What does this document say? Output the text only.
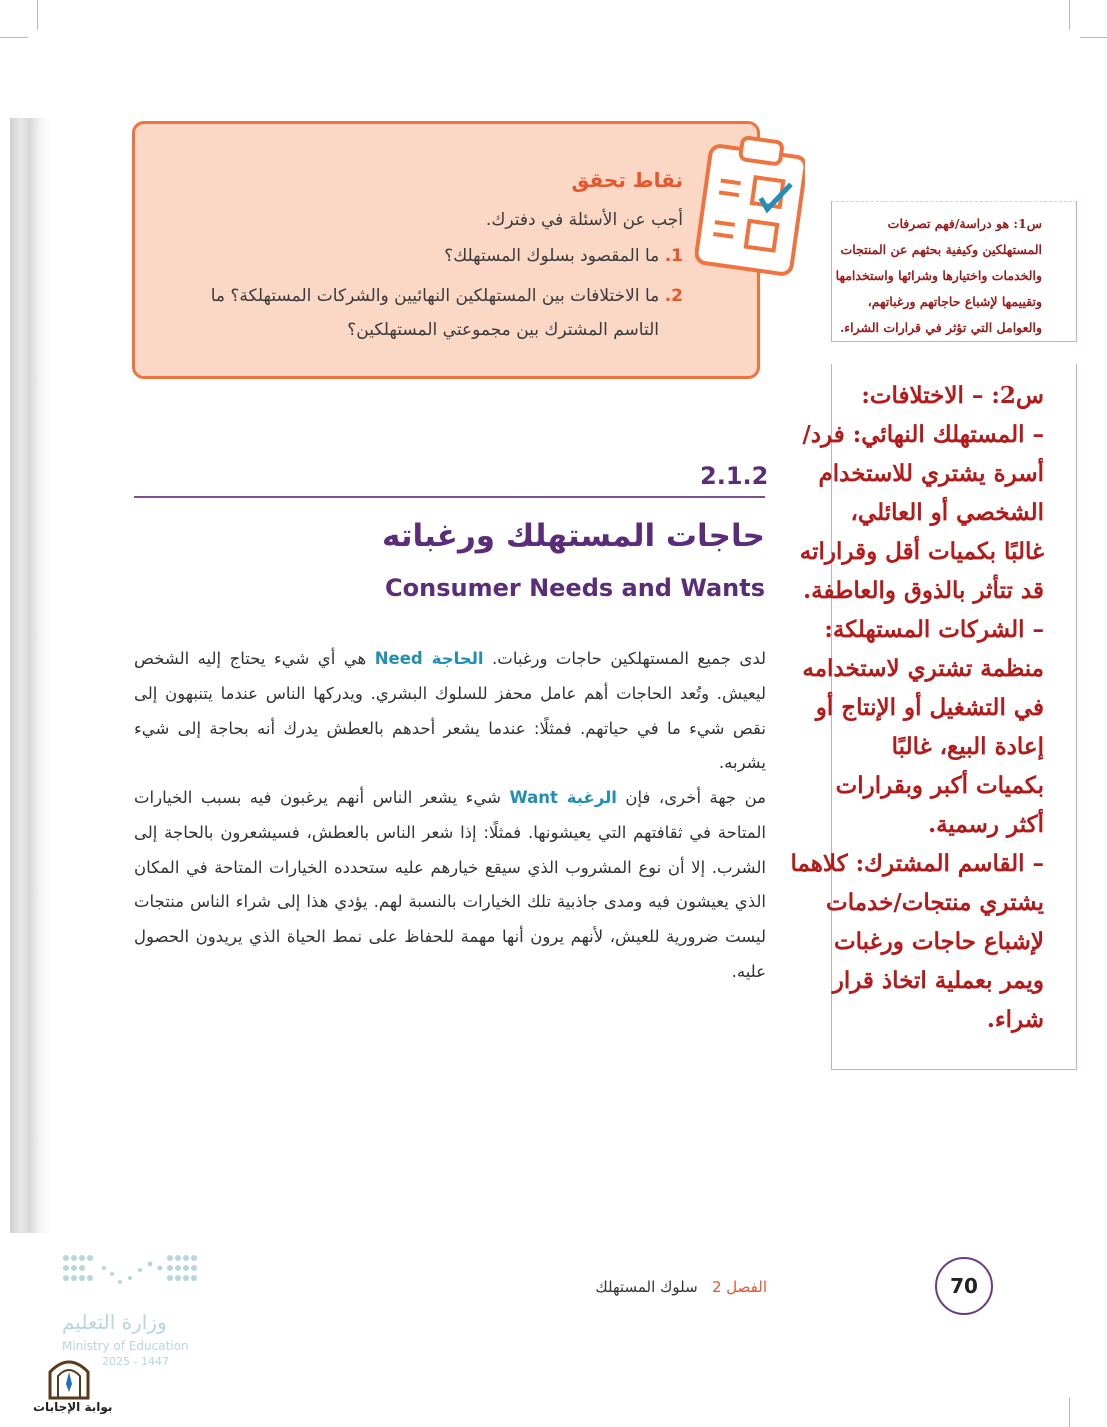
نقاط تحقق
أجب عن الأسئلة في دفترك.
1. ما المقصود بسلوك المستهلك؟
2. ما الاختلافات بين المستهلكين النهائيين والشركات المستهلكة؟ ما
التاسم المشترك بين مجموعتي المستهلكين؟
س1: هو دراسة/فهم تصرفات
المستهلكين وكيفية بحثهم عن المنتجات
والخدمات واختيارها وشرائها واستخدامها
وتقييمها لإشباع حاجاتهم ورغباتهم،
والعوامل التي تؤثر في قرارات الشراء.
س2: – الاختلافات:
– المستهلك النهائي: فرد/
أسرة يشتري للاستخدام
الشخصي أو العائلي،
غالبًا بكميات أقل وقراراته
قد تتأثر بالذوق والعاطفة.
– الشركات المستهلكة:
منظمة تشتري لاستخدامه
في التشغيل أو الإنتاج أو
إعادة البيع، غالبًا
بكميات أكبر وبقرارات
أكثر رسمية.
– القاسم المشترك: كلاهما
يشتري منتجات/خدمات
لإشباع حاجات ورغبات
ويمر بعملية اتخاذ قرار
شراء.
2.1.2
حاجات المستهلك ورغباته
Consumer Needs and Wants
لدى جميع المستهلكين حاجات ورغبات. الحاجة Need هي أي شيء يحتاج إليه الشخص ليعيش. وتُعد الحاجات أهم عامل محفز للسلوك البشري. ويدركها الناس عندما يتنبهون إلى نقص شيء ما في حياتهم. فمثلًا: عندما يشعر أحدهم بالعطش يدرك أنه بحاجة إلى شيء يشربه.
من جهة أخرى، فإن الرغبة Want شيء يشعر الناس أنهم يرغبون فيه بسبب الخيارات المتاحة في ثقافتهم التي يعيشونها. فمثلًا: إذا شعر الناس بالعطش، فسيشعرون بالحاجة إلى الشرب. إلا أن نوع المشروب الذي سيقع خيارهم عليه ستحدده الخيارات المتاحة في المكان الذي يعيشون فيه ومدى جاذبية تلك الخيارات بالنسبة لهم. يؤدي هذا إلى شراء الناس منتجات ليست ضرورية للعيش، لأنهم يرون أنها مهمة للحفاظ على نمط الحياة الذي يريدون الحصول عليه.
الفصل 2   سلوك المستهلك	70
وزارة التعليم
Ministry of Education
2025 - 1447
بوابة الإجابات
